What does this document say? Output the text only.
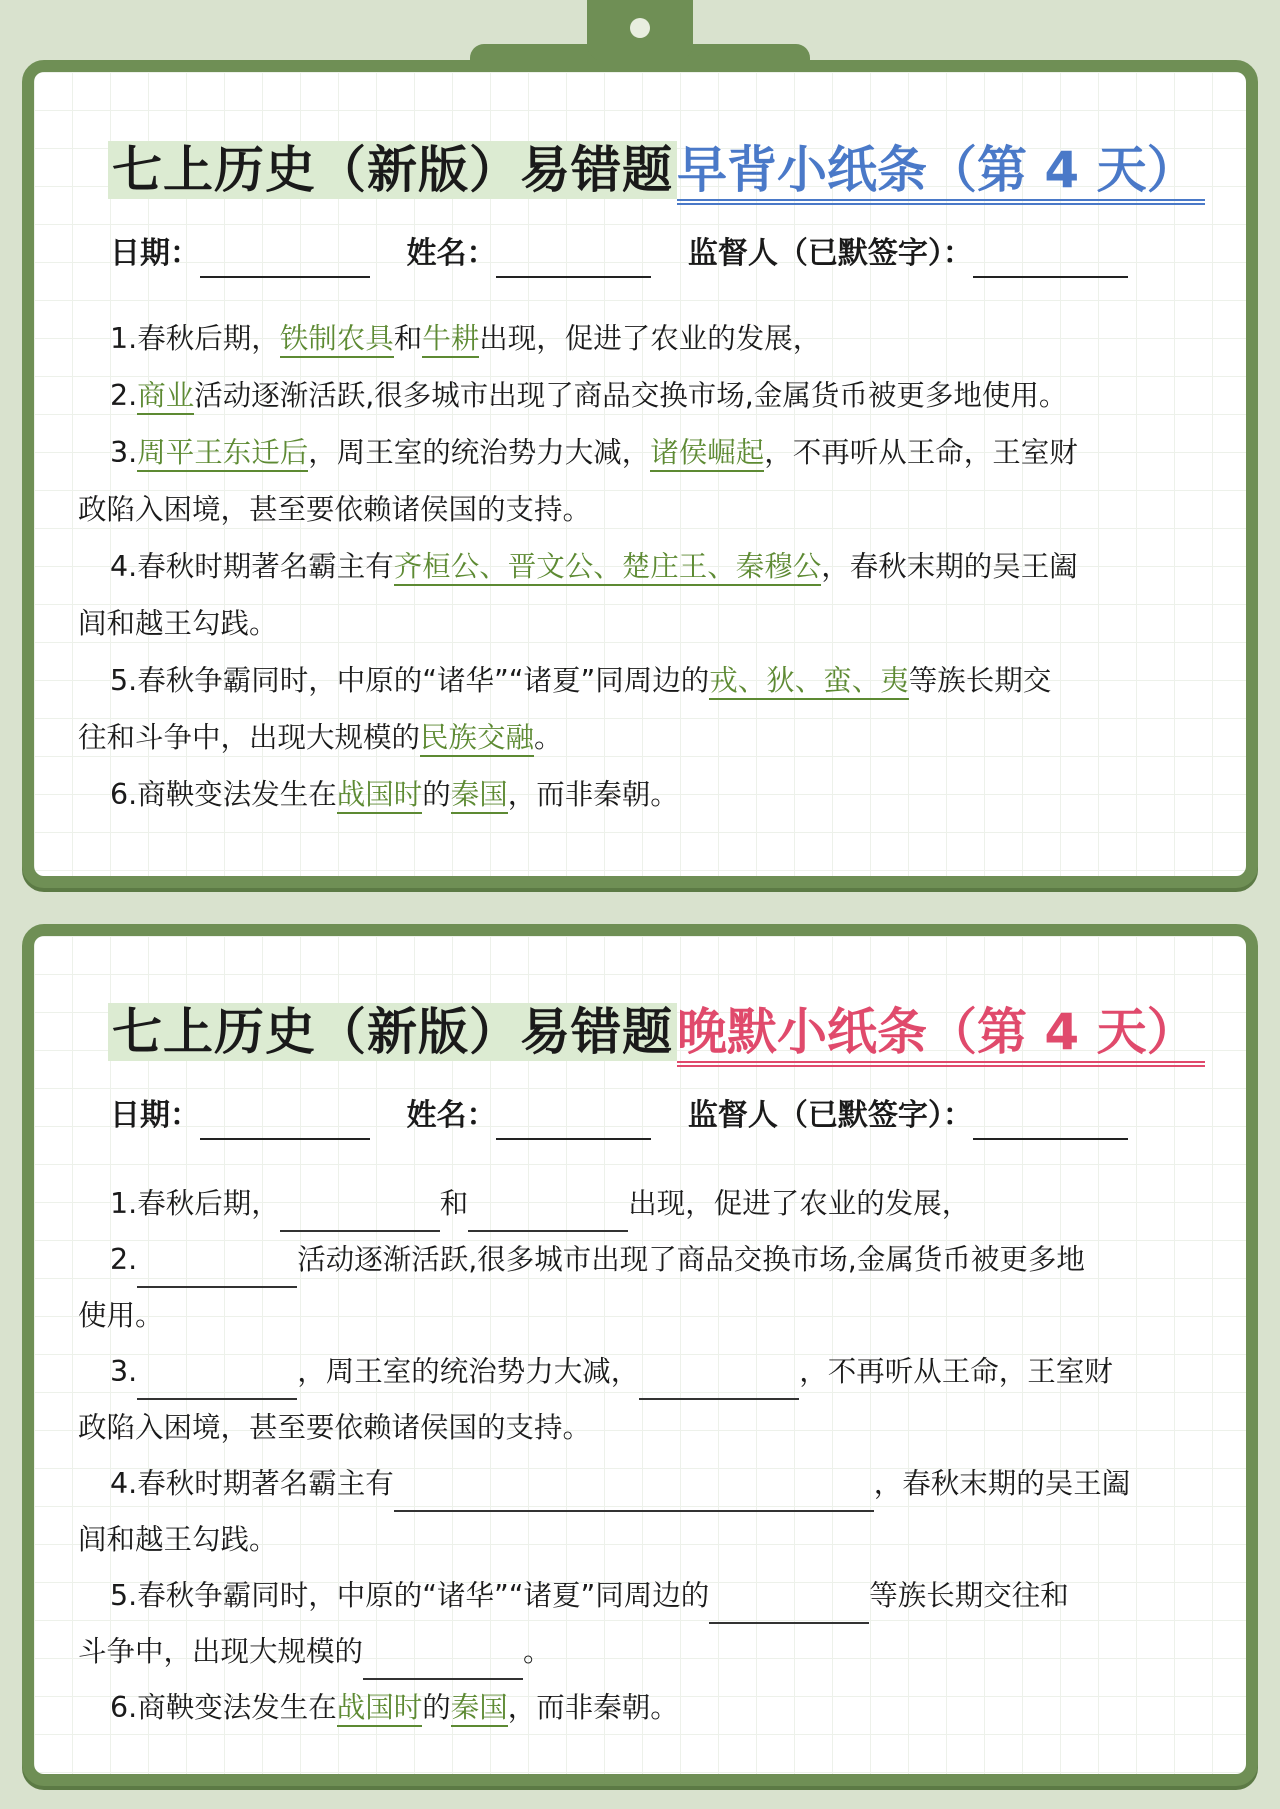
七上历史（新版）易错题早背小纸条（第 4 天）
日期：	姓名：	监督人（已默签字）：
1.春秋后期，铁制农具和牛耕出现，促进了农业的发展，
2.商业活动逐渐活跃,很多城市出现了商品交换市场,金属货币被更多地使用。
3.周平王东迁后，周王室的统治势力大减，诸侯崛起，不再听从王命，王室财
政陷入困境，甚至要依赖诸侯国的支持。
4.春秋时期著名霸主有齐桓公、晋文公、楚庄王、秦穆公，春秋末期的吴王阖
闾和越王勾践。
5.春秋争霸同时，中原的“诸华”“诸夏”同周边的戎、狄、蛮、夷等族长期交
往和斗争中，出现大规模的民族交融。
6.商鞅变法发生在战国时的秦国，而非秦朝。
七上历史（新版）易错题晚默小纸条（第 4 天）
日期：	姓名：	监督人（已默签字）：
1.春秋后期，	和	出现，促进了农业的发展，
2.	活动逐渐活跃,很多城市出现了商品交换市场,金属货币被更多地
使用。
3.	，周王室的统治势力大减，	，不再听从王命，王室财
政陷入困境，甚至要依赖诸侯国的支持。
4.春秋时期著名霸主有	，春秋末期的吴王阖
闾和越王勾践。
5.春秋争霸同时，中原的“诸华”“诸夏”同周边的	等族长期交往和
斗争中，出现大规模的	。
6.商鞅变法发生在战国时的秦国，而非秦朝。
